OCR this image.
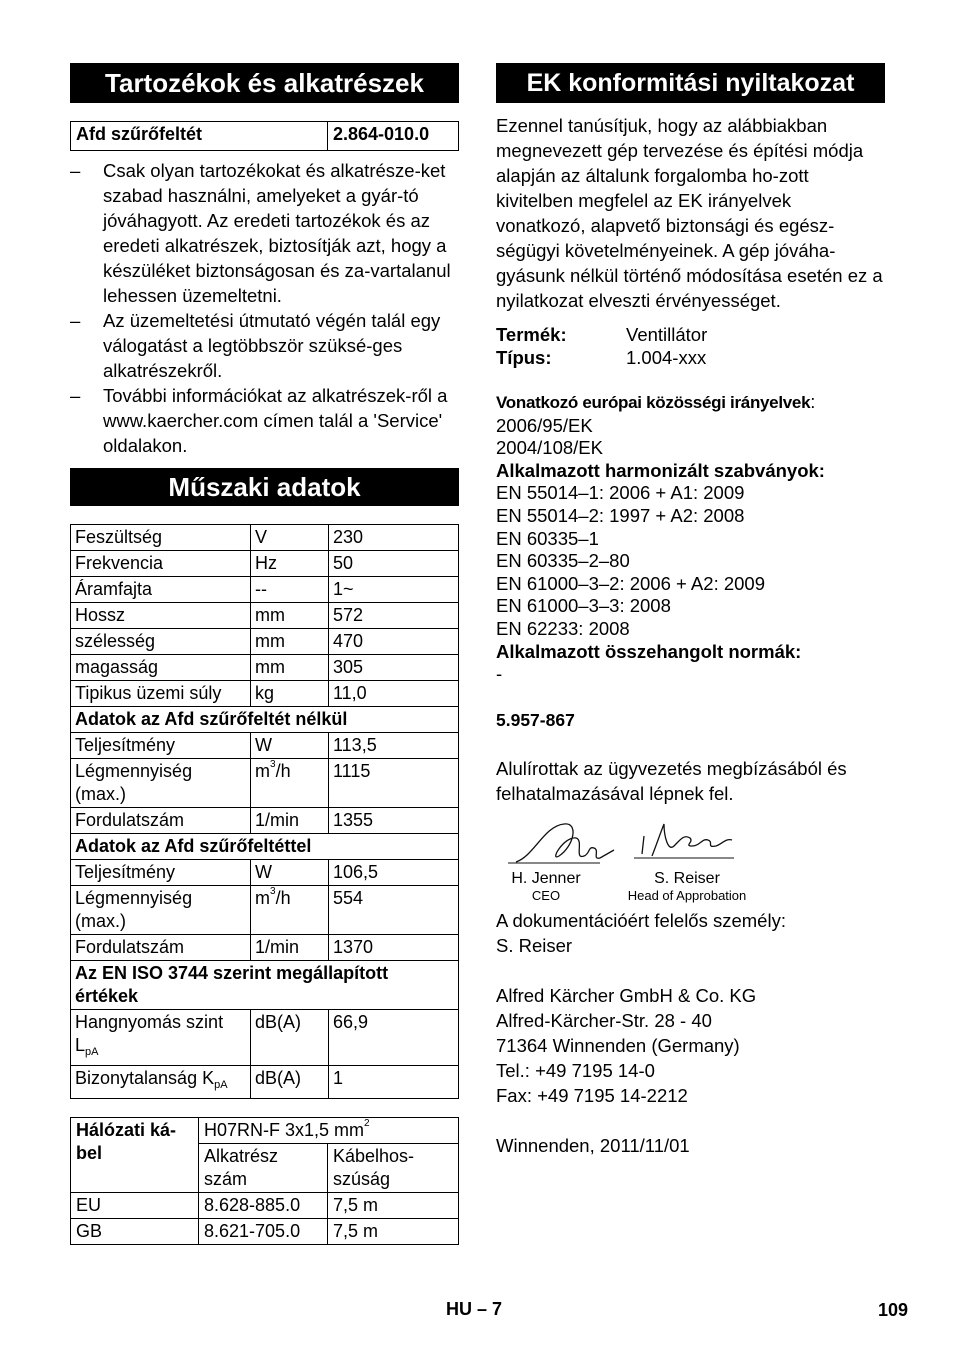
Tartozékok és alkatrészek
Afd szűrőfeltét	2.864-010.0
– Csak olyan tartozékokat és alkatrésze-ket szabad használni, amelyeket a gyár-tó jóváhagyott. Az eredeti tartozékok és az eredeti alkatrészek, biztosítják azt, hogy a készüléket biztonságosan és za-vartalanul lehessen üzemeltetni.
– Az üzemeltetési útmutató végén talál egy válogatást a legtöbbször szüksé-ges alkatrészekről.
– További információkat az alkatrészek-ről a www.kaercher.com címen talál a 'Service' oldalakon.
Műszaki adatok
Feszültség	V	230
Frekvencia	Hz	50
Áramfajta	--	1~
Hossz	mm	572
szélesség	mm	470
magasság	mm	305
Tipikus üzemi súly	kg	11,0
Adatok az Afd szűrőfeltét nélkül		
Teljesítmény	W	113,5
Légmennyiség (max.)	$m^3/h$	1115
Fordulatszám	1/min	1355
Adatok az Afd szűrőfeltéttel		
Teljesítmény	W	106,5
Légmennyiség (max.)	$m^3/h$	554
Fordulatszám	1/min	1370
Az EN ISO 3744 szerint megállapított értékek		
Hangnyomás szint $L_{pA}$	dB(A)	66,9
Bizonytalanság $K_{pA}$	dB(A)	1
Hálózati ká-bel	H07RN-F 3x1,5 $mm^2$
	Alkatrész szám	Kábelhos-szúság
EU	8.628-885.0	7,5 m
GB	8.621-705.0	7,5 m
EK konformitási nyiltakozat
Ezennel tanúsítjuk, hogy az alábbiakban megnevezett gép tervezése és építési módja alapján az általunk forgalomba ho-zott kivitelben megfelel az EK irányelvek vonatkozó, alapvető biztonsági és egész-ségügyi követelményeinek. A gép jóváha-gyásunk nélkül történő módosítása esetén ez a nyilatkozat elveszti érvényességet.
Termék:	Ventillátor
Típus:	1.004-xxx
Vonatkozó európai közösségi irányelvek:
2006/95/EK
2004/108/EK
Alkalmazott harmonizált szabványok:
EN 55014–1: 2006 + A1: 2009
EN 55014–2: 1997 + A2: 2008
EN 60335–1
EN 60335–2–80
EN 61000–3–2: 2006 + A2: 2009
EN 61000–3–3: 2008
EN 62233: 2008
Alkalmazott összehangolt normák:
-
5.957-867
Alulírottak az ügyvezetés megbízásából és felhatalmazásával lépnek fel.
H. Jenner
CEO
S. Reiser
Head of Approbation
A dokumentációért felelős személy:
S. Reiser
Alfred Kärcher GmbH & Co. KG
Alfred-Kärcher-Str. 28 - 40
71364 Winnenden (Germany)
Tel.: +49 7195 14-0
Fax: +49 7195 14-2212
Winnenden, 2011/11/01
HU – 7	109
